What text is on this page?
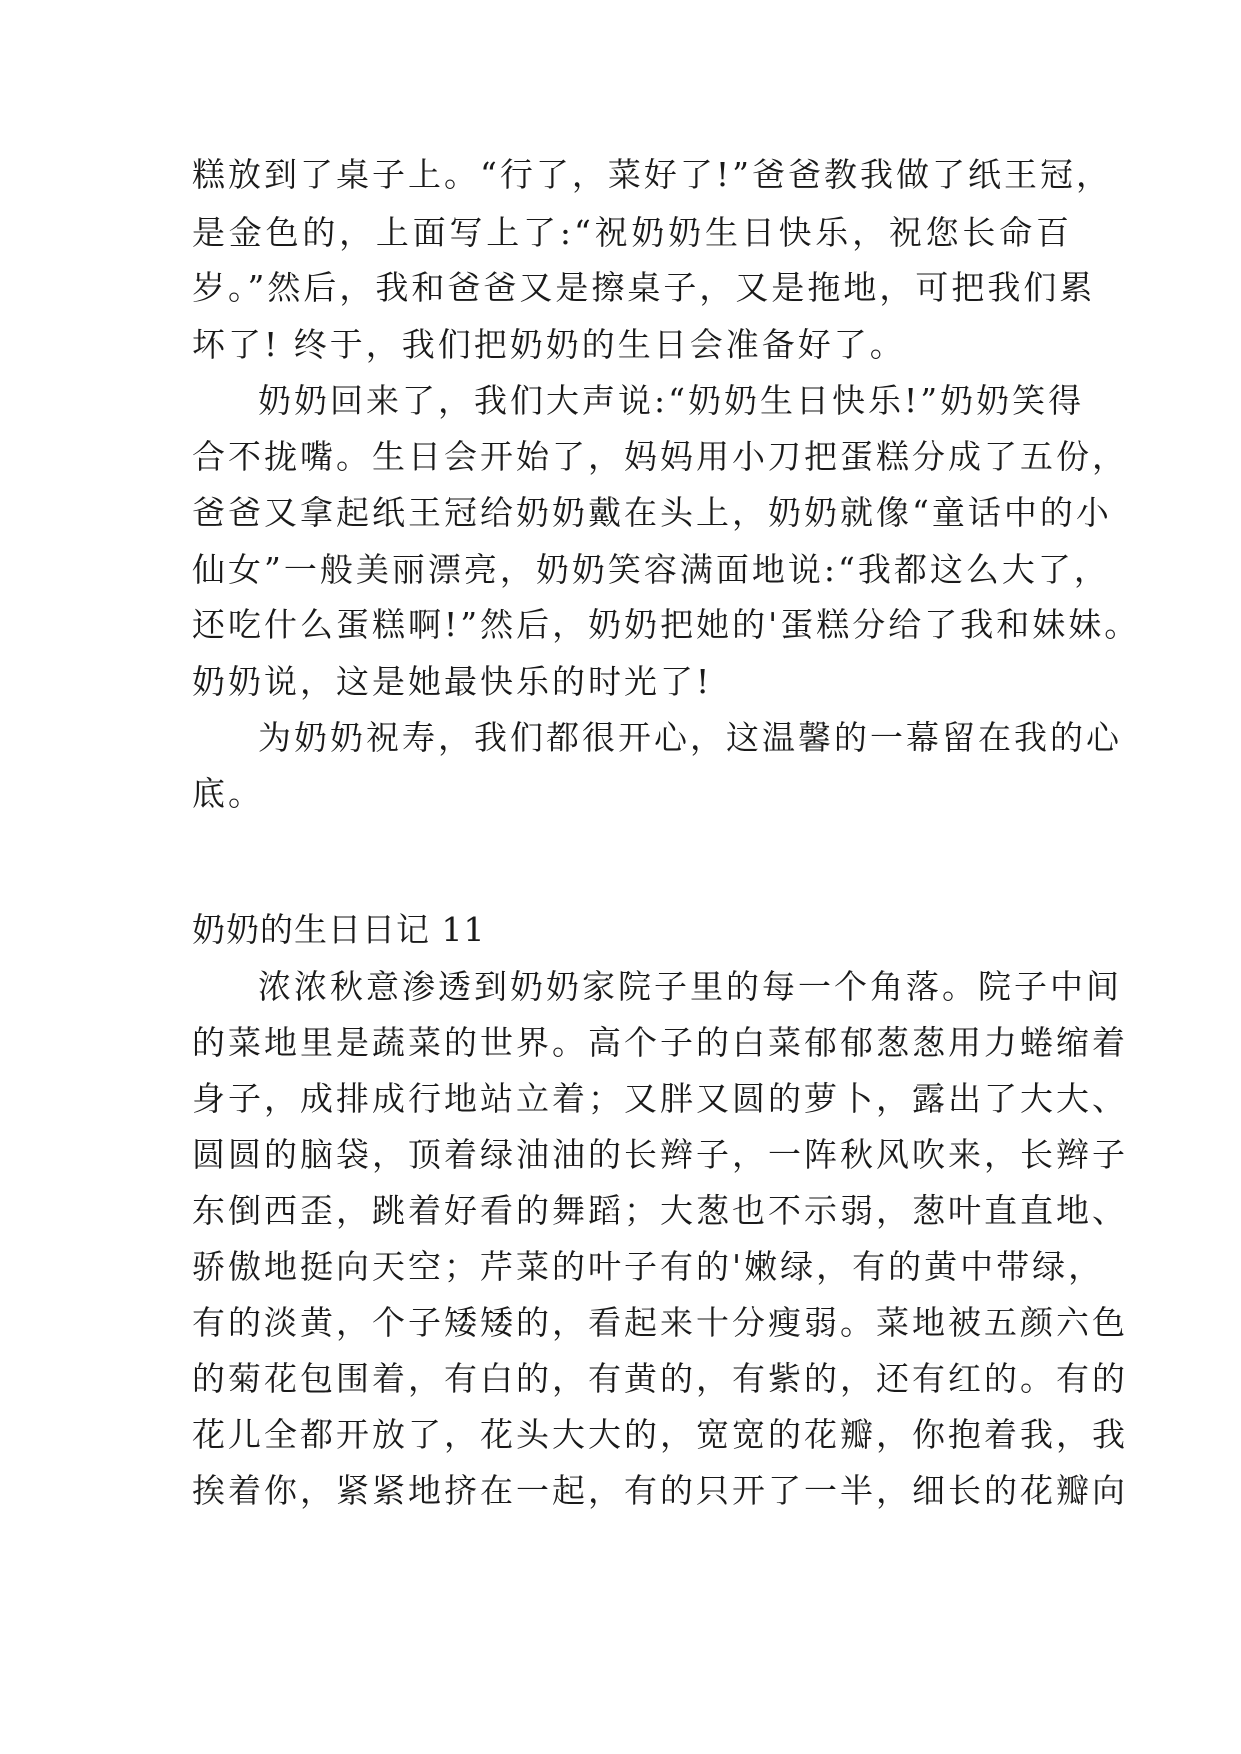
糕放到了桌子上。“行了，菜好了!”爸爸教我做了纸王冠，
是金色的，上面写上了:“祝奶奶生日快乐，祝您长命百
岁。”然后，我和爸爸又是擦桌子，又是拖地，可把我们累
坏了! 终于，我们把奶奶的生日会准备好了。
奶奶回来了，我们大声说:“奶奶生日快乐!”奶奶笑得
合不拢嘴。生日会开始了，妈妈用小刀把蛋糕分成了五份，
爸爸又拿起纸王冠给奶奶戴在头上，奶奶就像“童话中的小
仙女”一般美丽漂亮，奶奶笑容满面地说:“我都这么大了，
还吃什么蛋糕啊!”然后，奶奶把她的'蛋糕分给了我和妹妹。
奶奶说，这是她最快乐的时光了!
为奶奶祝寿，我们都很开心，这温馨的一幕留在我的心
底。
奶奶的生日日记 11
浓浓秋意渗透到奶奶家院子里的每一个角落。院子中间
的菜地里是蔬菜的世界。高个子的白菜郁郁葱葱用力蜷缩着
身子，成排成行地站立着；又胖又圆的萝卜，露出了大大、
圆圆的脑袋，顶着绿油油的长辫子，一阵秋风吹来，长辫子
东倒西歪，跳着好看的舞蹈；大葱也不示弱，葱叶直直地、
骄傲地挺向天空；芹菜的叶子有的'嫩绿，有的黄中带绿，
有的淡黄，个子矮矮的，看起来十分瘦弱。菜地被五颜六色
的菊花包围着，有白的，有黄的，有紫的，还有红的。有的
花儿全都开放了，花头大大的，宽宽的花瓣，你抱着我，我
挨着你，紧紧地挤在一起，有的只开了一半，细长的花瓣向
